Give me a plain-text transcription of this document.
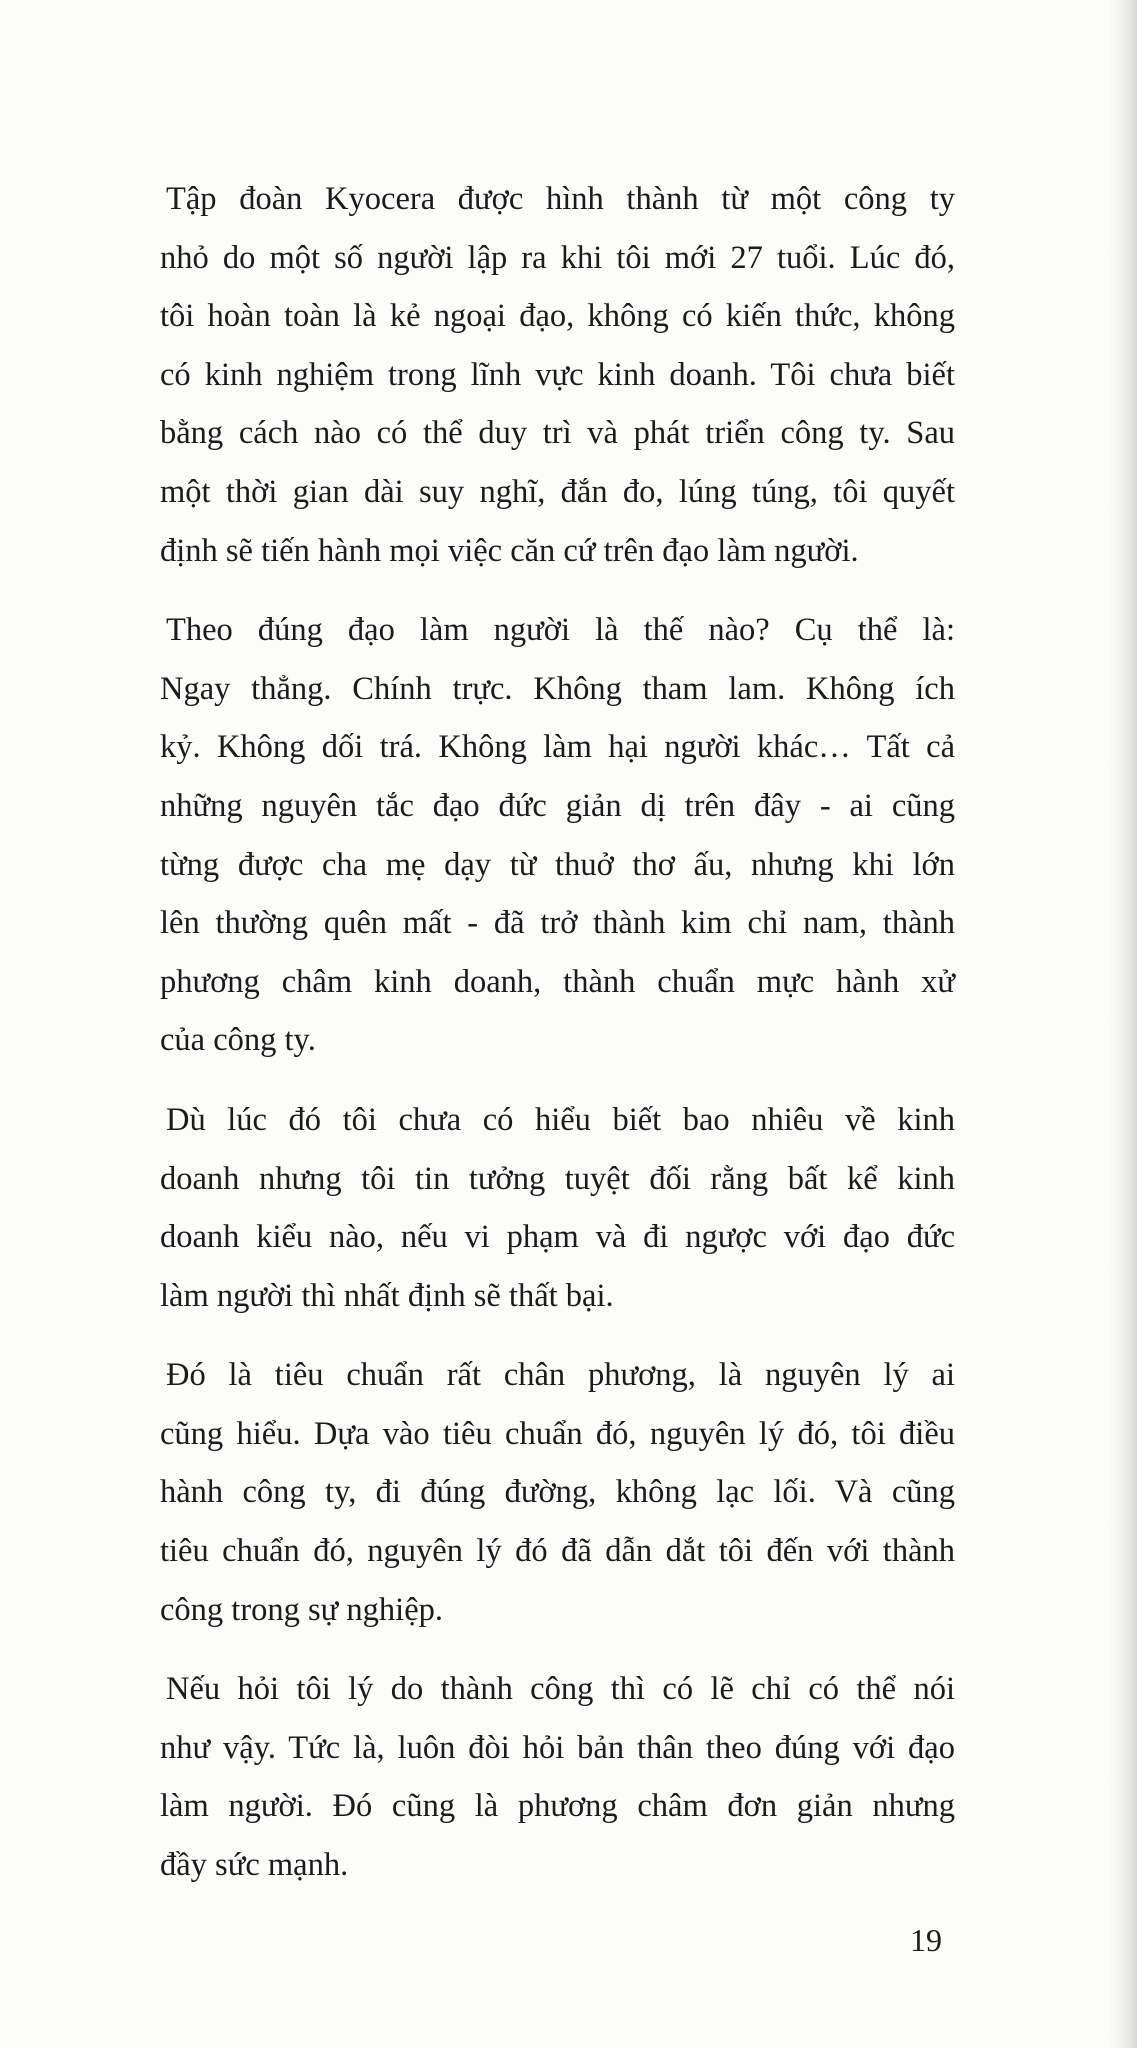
Tập đoàn Kyocera được hình thành từ một công ty
nhỏ do một số người lập ra khi tôi mới 27 tuổi. Lúc đó,
tôi hoàn toàn là kẻ ngoại đạo, không có kiến thức, không
có kinh nghiệm trong lĩnh vực kinh doanh. Tôi chưa biết
bằng cách nào có thể duy trì và phát triển công ty. Sau
một thời gian dài suy nghĩ, đắn đo, lúng túng, tôi quyết
định sẽ tiến hành mọi việc căn cứ trên đạo làm người.

Theo đúng đạo làm người là thế nào? Cụ thể là:
Ngay thẳng. Chính trực. Không tham lam. Không ích
kỷ. Không dối trá. Không làm hại người khác… Tất cả
những nguyên tắc đạo đức giản dị trên đây - ai cũng
từng được cha mẹ dạy từ thuở thơ ấu, nhưng khi lớn
lên thường quên mất - đã trở thành kim chỉ nam, thành
phương châm kinh doanh, thành chuẩn mực hành xử
của công ty.

Dù lúc đó tôi chưa có hiểu biết bao nhiêu về kinh
doanh nhưng tôi tin tưởng tuyệt đối rằng bất kể kinh
doanh kiểu nào, nếu vi phạm và đi ngược với đạo đức
làm người thì nhất định sẽ thất bại.

Đó là tiêu chuẩn rất chân phương, là nguyên lý ai
cũng hiểu. Dựa vào tiêu chuẩn đó, nguyên lý đó, tôi điều
hành công ty, đi đúng đường, không lạc lối. Và cũng
tiêu chuẩn đó, nguyên lý đó đã dẫn dắt tôi đến với thành
công trong sự nghiệp.

Nếu hỏi tôi lý do thành công thì có lẽ chỉ có thể nói
như vậy. Tức là, luôn đòi hỏi bản thân theo đúng với đạo
làm người. Đó cũng là phương châm đơn giản nhưng
đầy sức mạnh.

19
